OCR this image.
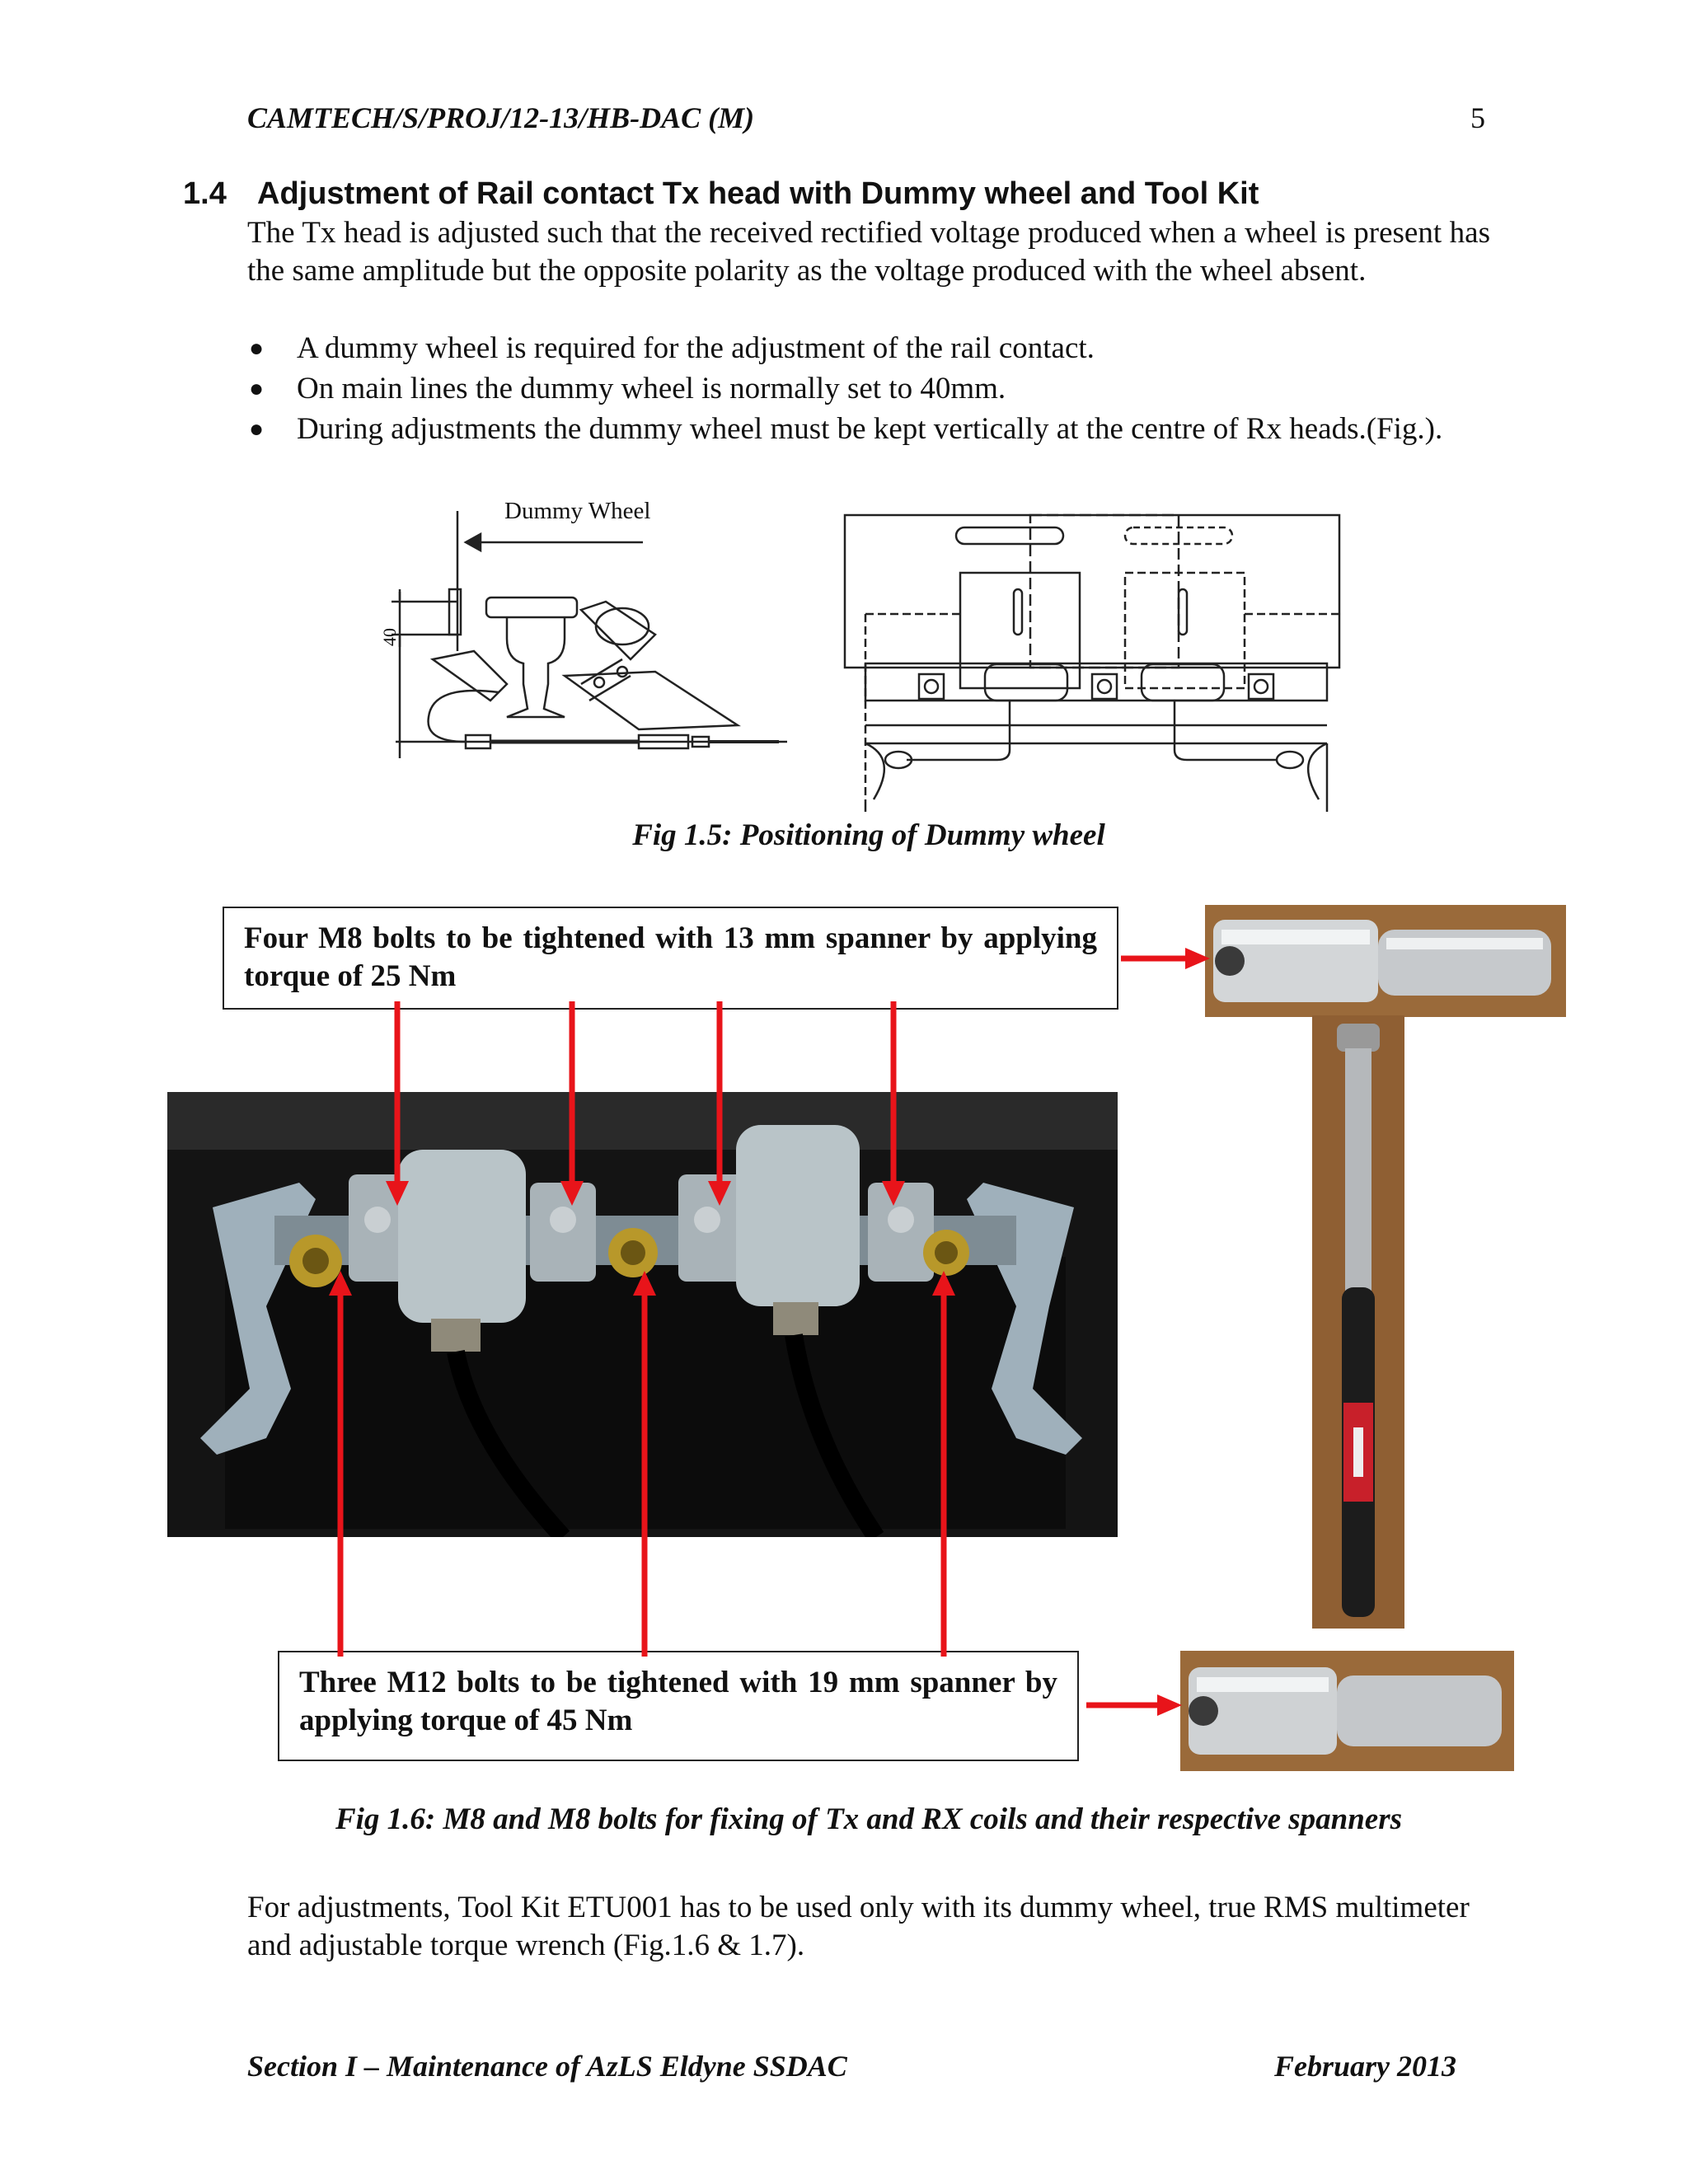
CAMTECH/S/PROJ/12-13/HB-DAC (M)	5
1.4 Adjustment of Rail contact Tx head with Dummy wheel and Tool Kit
The Tx head is adjusted such that the received rectified voltage produced when a wheel is present has the same amplitude but the opposite polarity as the voltage produced with the wheel absent.
● A dummy wheel is required for the adjustment of the rail contact.
● On main lines the dummy wheel is normally set to 40mm.
● During adjustments the dummy wheel must be kept vertically at the centre of Rx heads.(Fig.).
Dummy Wheel
40
Fig 1.5: Positioning of Dummy wheel
Four M8 bolts to be tightened with 13 mm spanner by applying torque of 25 Nm
Three M12 bolts to be tightened with 19 mm spanner by applying torque of 45 Nm
Fig 1.6: M8 and M8 bolts for fixing of Tx and RX coils and their respective spanners
For adjustments, Tool Kit ETU001 has to be used only with its dummy wheel, true RMS multimeter and adjustable torque wrench (Fig.1.6 & 1.7).
Section I – Maintenance of AzLS Eldyne SSDAC	February 2013
